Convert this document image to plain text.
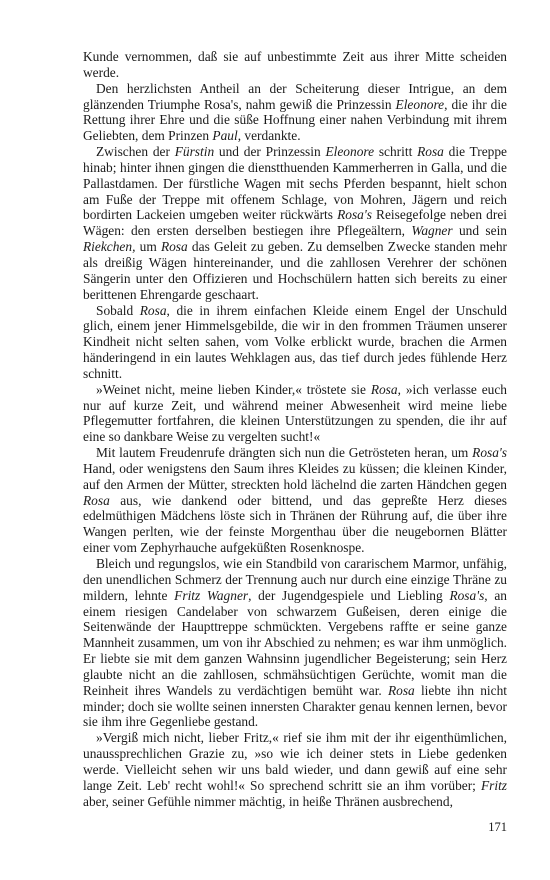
Kunde vernommen, daß sie auf unbestimmte Zeit aus ihrer Mitte scheiden werde.

Den herzlichsten Antheil an der Scheiterung dieser Intrigue, an dem glänzenden Triumphe Rosa's, nahm gewiß die Prinzessin Eleonore, die ihr die Rettung ihrer Ehre und die süße Hoffnung einer nahen Verbindung mit ihrem Geliebten, dem Prinzen Paul, verdankte.

Zwischen der Fürstin und der Prinzessin Eleonore schritt Rosa die Treppe hinab; hinter ihnen gingen die dienstthuenden Kammerherren in Galla, und die Pallastdamen. Der fürstliche Wagen mit sechs Pferden bespannt, hielt schon am Fuße der Treppe mit offenem Schlage, von Mohren, Jägern und reich bordirten Lackeien umgeben weiter rückwärts Rosa's Reisegefolge neben drei Wägen: den ersten derselben bestiegen ihre Pflegeältern, Wagner und sein Riekchen, um Rosa das Geleit zu geben. Zu demselben Zwecke standen mehr als dreißig Wägen hintereinander, und die zahllosen Verehrer der schönen Sängerin unter den Offizieren und Hochschülern hatten sich bereits zu einer berittenen Ehrengarde geschaart.

Sobald Rosa, die in ihrem einfachen Kleide einem Engel der Unschuld glich, einem jener Himmelsgebilde, die wir in den frommen Träumen unserer Kindheit nicht selten sahen, vom Volke erblickt wurde, brachen die Armen händeringend in ein lautes Wehklagen aus, das tief durch jedes fühlende Herz schnitt.

»Weinet nicht, meine lieben Kinder,« tröstete sie Rosa, »ich verlasse euch nur auf kurze Zeit, und während meiner Abwesenheit wird meine liebe Pflegemutter fortfahren, die kleinen Unterstützungen zu spenden, die ihr auf eine so dankbare Weise zu vergelten sucht!«

Mit lautem Freudenrufe drängten sich nun die Getrösteten heran, um Rosa's Hand, oder wenigstens den Saum ihres Kleides zu küssen; die kleinen Kinder, auf den Armen der Mütter, streckten hold lächelnd die zarten Händchen gegen Rosa aus, wie dankend oder bittend, und das gepreßte Herz dieses edelmüthigen Mädchens löste sich in Thränen der Rührung auf, die über ihre Wangen perlten, wie der feinste Morgenthau über die neugebornen Blätter einer vom Zephyrhauche aufgeküßten Rosenknospe.

Bleich und regungslos, wie ein Standbild von cararischem Marmor, unfähig, den unendlichen Schmerz der Trennung auch nur durch eine einzige Thräne zu mildern, lehnte Fritz Wagner, der Jugendgespiele und Liebling Rosa's, an einem riesigen Candelaber von schwarzem Gußeisen, deren einige die Seitenwände der Haupttreppe schmückten. Vergebens raffte er seine ganze Mannheit zusammen, um von ihr Abschied zu nehmen; es war ihm unmöglich. Er liebte sie mit dem ganzen Wahnsinn jugendlicher Begeisterung; sein Herz glaubte nicht an die zahllosen, schmähsüchtigen Gerüchte, womit man die Reinheit ihres Wandels zu verdächtigen bemüht war. Rosa liebte ihn nicht minder; doch sie wollte seinen innersten Charakter genau kennen lernen, bevor sie ihm ihre Gegenliebe gestand.

»Vergiß mich nicht, lieber Fritz,« rief sie ihm mit der ihr eigenthümlichen, unaussprechlichen Grazie zu, »so wie ich deiner stets in Liebe gedenken werde. Vielleicht sehen wir uns bald wieder, und dann gewiß auf eine sehr lange Zeit. Leb' recht wohl!« So sprechend schritt sie an ihm vorüber; Fritz aber, seiner Gefühle nimmer mächtig, in heiße Thränen ausbrechend,

171
